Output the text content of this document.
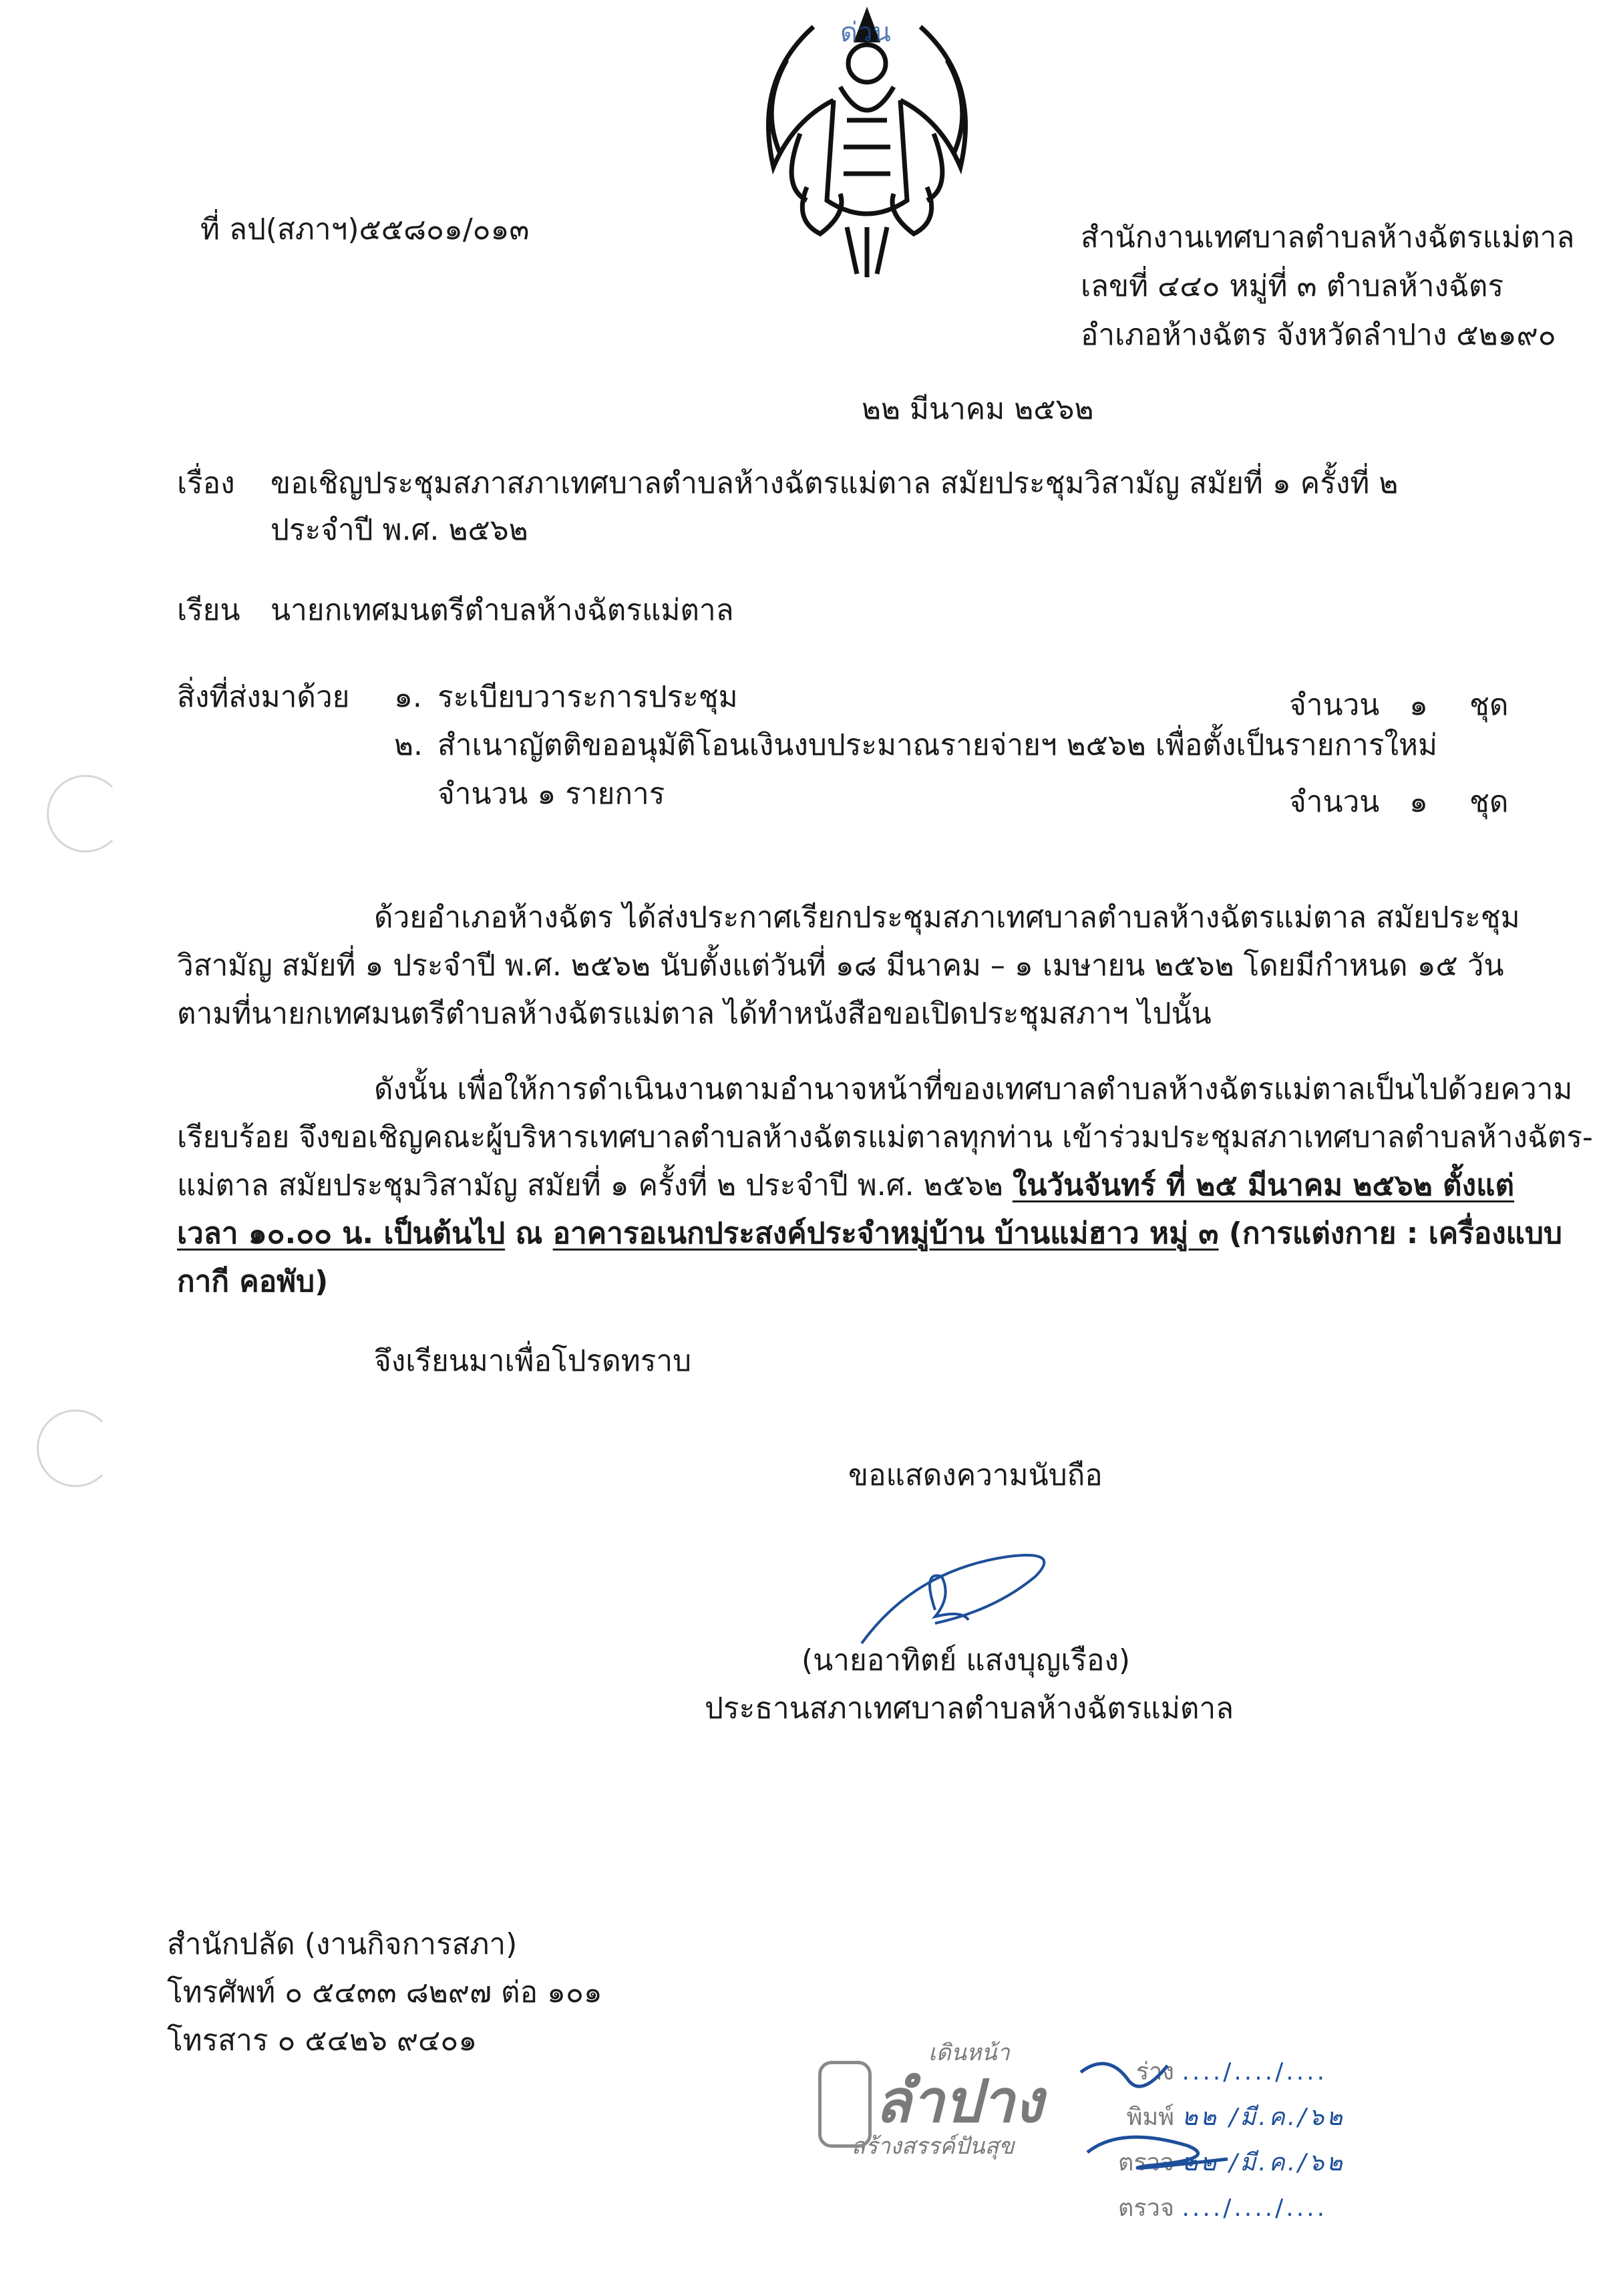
ด่วน
ที่ ลป(สภาฯ)๕๕๘๐๑/๐๑๓	สำนักงานเทศบาลตำบลห้างฉัตรแม่ตาล
เลขที่ ๔๔๐ หมู่ที่ ๓ ตำบลห้างฉัตร
อำเภอห้างฉัตร จังหวัดลำปาง ๕๒๑๙๐
๒๒ มีนาคม ๒๕๖๒
เรื่อง ขอเชิญประชุมสภาสภาเทศบาลตำบลห้างฉัตรแม่ตาล สมัยประชุมวิสามัญ สมัยที่ ๑ ครั้งที่ ๒
ประจำปี พ.ศ. ๒๕๖๒
เรียน นายกเทศมนตรีตำบลห้างฉัตรแม่ตาล
สิ่งที่ส่งมาด้วย ๑. ระเบียบวาระการประชุม	จำนวน ๑ ชุด
๒. สำเนาญัตติขออนุมัติโอนเงินงบประมาณรายจ่ายฯ ๒๕๖๒ เพื่อตั้งเป็นรายการใหม่
จำนวน ๑ รายการ	จำนวน ๑ ชุด
ด้วยอำเภอห้างฉัตร ได้ส่งประกาศเรียกประชุมสภาเทศบาลตำบลห้างฉัตรแม่ตาล สมัยประชุม
วิสามัญ สมัยที่ ๑ ประจำปี พ.ศ. ๒๕๖๒ นับตั้งแต่วันที่ ๑๘ มีนาคม – ๑ เมษายน ๒๕๖๒ โดยมีกำหนด ๑๕ วัน
ตามที่นายกเทศมนตรีตำบลห้างฉัตรแม่ตาล ได้ทำหนังสือขอเปิดประชุมสภาฯ ไปนั้น
ดังนั้น เพื่อให้การดำเนินงานตามอำนาจหน้าที่ของเทศบาลตำบลห้างฉัตรแม่ตาลเป็นไปด้วยความ
เรียบร้อย จึงขอเชิญคณะผู้บริหารเทศบาลตำบลห้างฉัตรแม่ตาลทุกท่าน เข้าร่วมประชุมสภาเทศบาลตำบลห้างฉัตร-
แม่ตาล สมัยประชุมวิสามัญ สมัยที่ ๑ ครั้งที่ ๒ ประจำปี พ.ศ. ๒๕๖๒ ในวันจันทร์ ที่ ๒๕ มีนาคม ๒๕๖๒ ตั้งแต่
เวลา ๑๐.๐๐ น. เป็นต้นไป ณ อาคารอเนกประสงค์ประจำหมู่บ้าน บ้านแม่ฮาว หมู่ ๓ (การแต่งกาย : เครื่องแบบ
กากี คอพับ)
จึงเรียนมาเพื่อโปรดทราบ
ขอแสดงความนับถือ
(นายอาทิตย์ แสงบุญเรือง)
ประธานสภาเทศบาลตำบลห้างฉัตรแม่ตาล
สำนักปลัด (งานกิจการสภา)
โทรศัพท์ ๐ ๕๔๓๓ ๘๒๙๗ ต่อ ๑๐๑
โทรสาร ๐ ๕๔๒๖ ๙๔๐๑	เดินหน้า
ลำปาง
สร้างสรรค์ปันสุข
ร่าง ..../..../....
พิมพ์ ๒๒ /มี.ค./๖๒
ตรวจ ๒๒ /มี.ค./๖๒
ตรวจ ..../..../....
